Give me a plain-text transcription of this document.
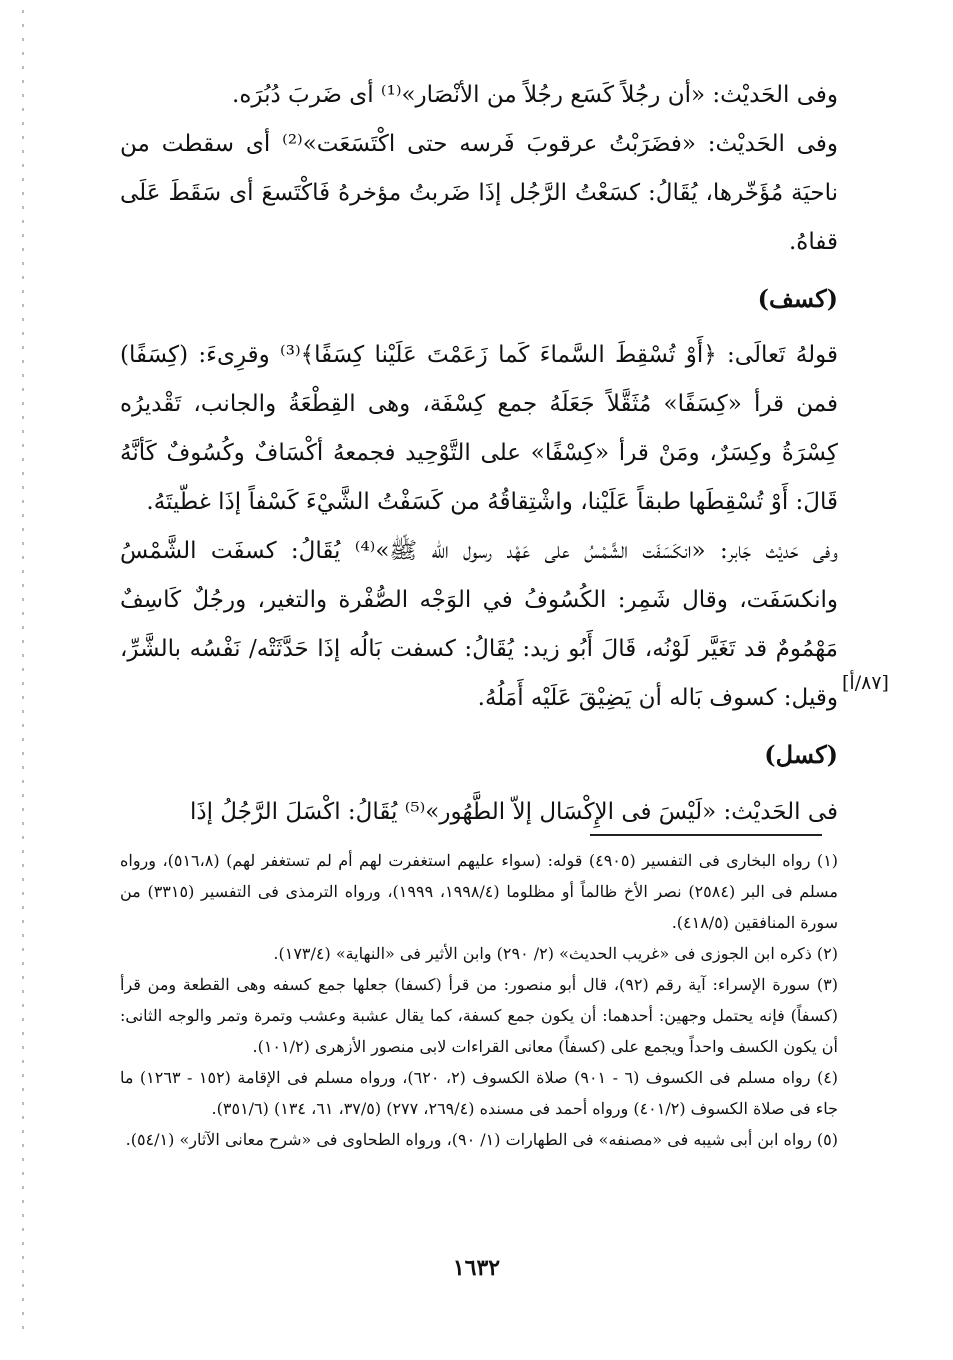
وفى الحَديْث: «أن رجُلاً كَسَع رجُلاً من الأنْصَار»⁽¹⁾ أى ضَربَ دُبُرَه.
وفى الحَديْث: «فضَرَبْتُ عرقوبَ فَرسه حتى اكْتَسَعَت»⁽²⁾ أى سقطت من ناحيَة مُؤَخّرها، يُقَالُ: كسَعْتُ الرَّجُل إذَا ضَربتُ مؤخرهُ فَاكْتَسعَ أى سَقَطَ عَلَى قفاهُ.
(كسف)
قولهُ تَعالَى: ﴿أَوْ تُسْقِطَ السَّماءَ كَما زَعَمْتَ عَلَيْنا كِسَفًا﴾⁽³⁾ وقرِىءَ: (كِسَفًا) فمن قرأ «كِسَفًا» مُثَقَّلاً جَعَلَهُ جمع كِسْفَة، وهى القِطْعَةُ والجانب، تَقْديرُه كِسْرَةُ وكِسَرٌ، ومَنْ قرأ «كِسْفًا» على التَّوْحِيد فجمعهُ أكْسَافٌ وكُسُوفٌ كَأنَّهُ قَالَ: أَوْ تُسْقِطَها طبقاً عَلَيْنا، واشْتِقاقُهُ من كَسَفْتُ الشَّيْءَ كَسْفاً إذَا غطّيتَهُ.
وفى حَديْث جَابر: «انكَسَفَت الشَّمْسُ على عَهْد رسول الله ﷺ»⁽⁴⁾ يُقَالُ: كسفَت الشَّمْسُ وانكسَفَت، وقال شَمِر: الكُسُوفُ في الوَجْه الصُّفْرة والتغير، ورجُلٌ كَاسِفٌ مَهْمُومٌ قد تَغَيَّر لَوْنُه، قَالَ أَبُو زيد: يُقَالُ: كسفت بَالُه إذَا حَدَّثَتْه/ نَفْسُه بالشَّرِّ، وقيل: كسوف بَاله أن يَضِيْقَ عَلَيْه أَمَلُهُ.
(كسل)
فى الحَديْث: «لَيْسَ فى الإِكْسَال إلاّ الطَّهُور»⁽⁵⁾ يُقَالُ: اكْسَلَ الرَّجُلُ إذَا
[٨٧/أ]

(١) رواه البخارى فى التفسير (٤٩٠٥) قوله: (سواء عليهم استغفرت لهم أم لم تستغفر لهم) (٥١٦،٨)، ورواه مسلم فى البر (٢٥٨٤) نصر الأخ ظالماً أو مظلوما (١٩٩٨/٤، ١٩٩٩)، ورواه الترمذى فى التفسير (٣٣١٥) من سورة المنافقين (٤١٨/٥).

(٢) ذكره ابن الجوزى فى «غريب الحديث» (٢/ ٢٩٠) وابن الأثير فى «النهاية» (١٧٣/٤).

(٣) سورة الإسراء: آية رقم (٩٢)، قال أبو منصور: من قرأ (كسفا) جعلها جمع كسفه وهى القطعة ومن قرأ (كسفاً) فإنه يحتمل وجهين: أحدهما: أن يكون جمع كسفة، كما يقال عشبة وعشب وتمرة وتمر والوجه الثانى: أن يكون الكسف واحداً ويجمع على (كسفاً) معانى القراءات لابى منصور الأزهرى (١٠١/٢).

(٤) رواه مسلم فى الكسوف (٦ - ٩٠١) صلاة الكسوف (٢، ٦٢٠)، ورواه مسلم فى الإقامة (١٥٢ - ١٢٦٣) ما جاء فى صلاة الكسوف (٤٠١/٢) ورواه أحمد فى مسنده (٢٦٩/٤، ٢٧٧) (٣٧/٥، ٦١، ١٣٤) (٣٥١/٦).

(٥) رواه ابن أبى شيبه فى «مصنفه» فى الطهارات (١/ ٩٠)، ورواه الطحاوى فى «شرح معانى الآثار» (٥٤/١).

١٦٣٢
